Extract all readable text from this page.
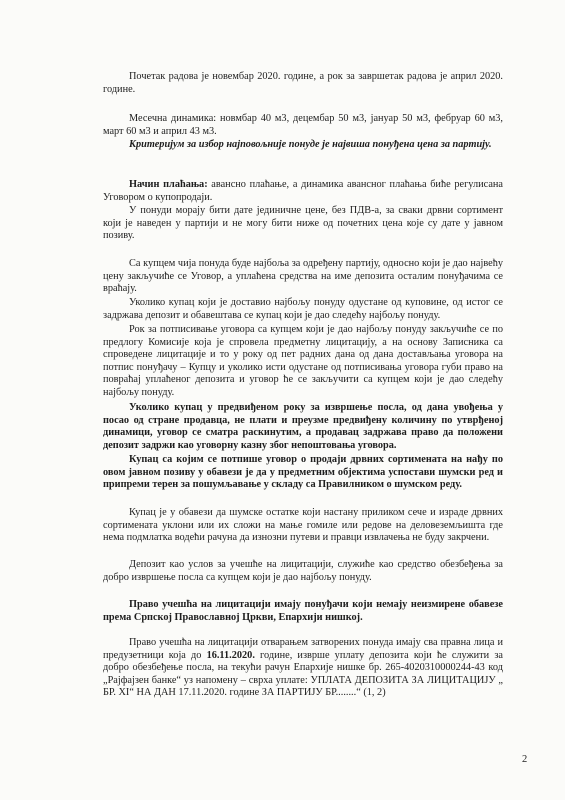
Почетак радова је новембар 2020. године, а рок за завршетак радова је април 2020. године.

Месечна динамика: новмбар 40 м3, децембар 50 м3, јануар 50 м3, фебруар 60 м3, март 60 м3 и април 43 м3.

Критеријум за избор најповољније понуде је највиша понуђена цена за партију.

Начин плаћања: авансно плаћање, а динамика авансног плаћања биће регулисана Уговором о купопродаји.

У понуди морају бити дате јединичне цене, без ПДВ-а, за сваки дрвни сортимент који је наведен у партији и не могу бити ниже од почетних цена које су дате у јавном позиву.

Са купцем чија понуда буде најбоља за одређену партију, односно који је дао највећу цену закључиће се Уговор, а уплаћена средства на име депозита осталим понуђачима се враћају.

Уколико купац који је доставио најбољу понуду одустане од куповине, од истог се задржава депозит и обавештава се купац који је дао следећу најбољу понуду.

Рок за потписивање уговора са купцем који је дао најбољу понуду закључиће се по предлогу Комисије која је спровела предметну лицитацију, а на основу Записника са спроведене лицитације и то у року од пет радних дана од дана достављања уговора на потпис понуђачу – Купцу и уколико исти одустане од потписивања уговора губи право на повраћај уплаћеног депозита и уговор ће се закључити са купцем који је дао следећу најбољу понуду.

Уколико купац у предвиђеном року за извршење посла, од дана увођења у посао од стране продавца, не плати и преузме предвиђену количину по утврђеној динамици, уговор се сматра раскинутим, а продавац задржава право да положени депозит задржи као уговорну казну због непоштовања уговора.

Купац са којим се потпише уговор о продаји дрвних сортимената на нађу по овом јавном позиву у обавези је да у предметним објектима успостави шумски ред и припреми терен за пошумљавање у складу са Правилником о шумском реду.

Купац је у обавези да шумске остатке који настану приликом сече и израде дрвних сортимената уклони или их сложи на мање гомиле или редове на деловeземљишта где нема подмлатка водећи рачуна да изнозни путеви и правци извлачења не буду закрчени.

Депозит као услов за учешће на лицитацији, служиће као средство обезбеђења за добро извршење посла са купцем који је дао најбољу понуду.

Право учешћа на лицитацији имају понуђачи који немају неизмирене обавезе према Српској Православној Цркви, Епархији нишкој.

Право учешћа на лицитацији отварањем затворених понуда имају сва правна лица и предузетници која до 16.11.2020. године, изврше уплату депозита који ће служити за добро обезбеђење посла, на текући рачун Епархије нишке бр. 265-4020310000244-43 код „Рајфајзен банке“ уз напомену – сврха уплате: УПЛАТА ДЕПОЗИТА ЗА ЛИЦИТАЦИЈУ „ БР. XI“ НА ДАН 17.11.2020. године ЗА ПАРТИЈУ БР........“ (1, 2)

2
